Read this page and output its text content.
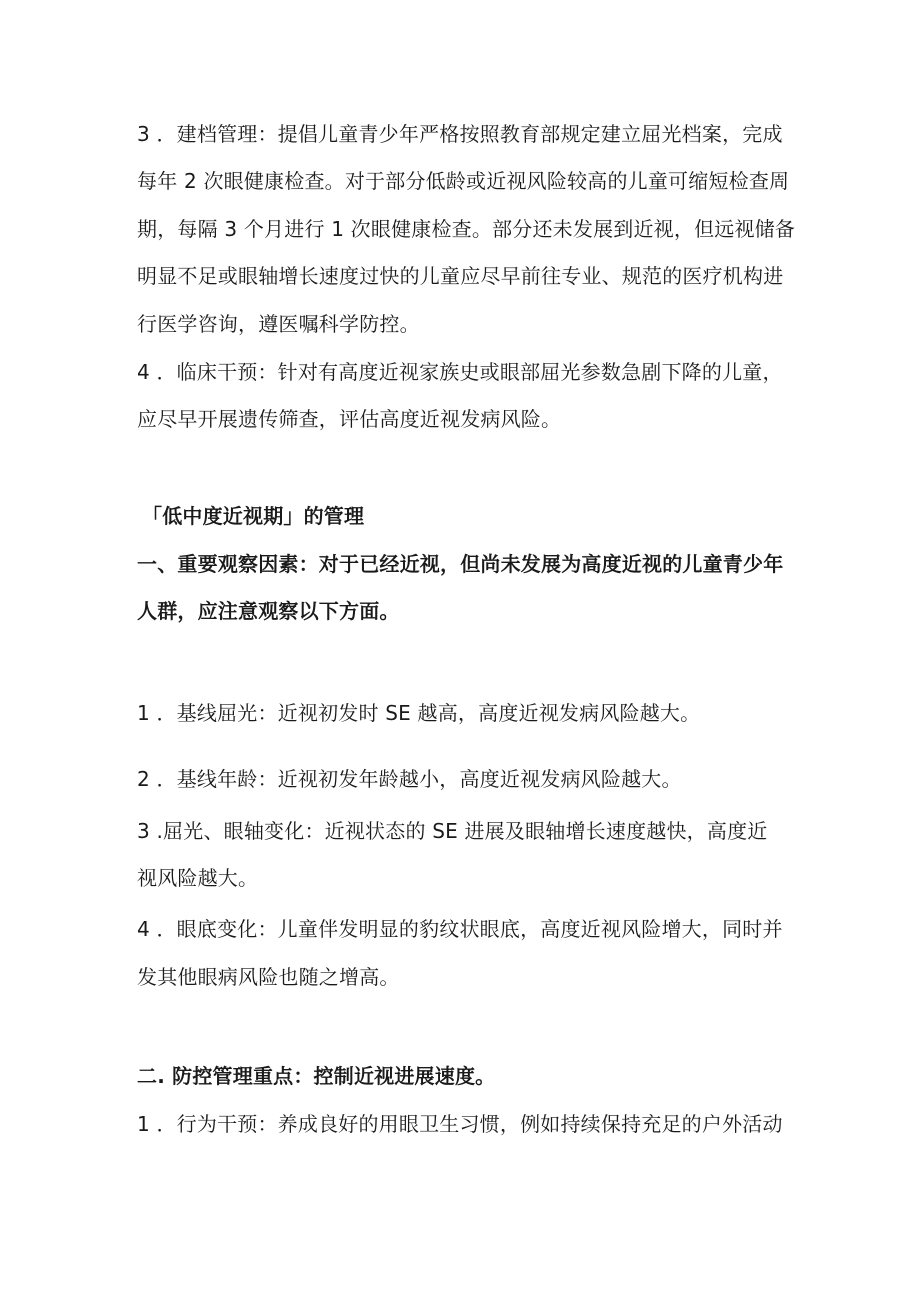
3 ．建档管理：提倡儿童青少年严格按照教育部规定建立屈光档案，完成
每年 2 次眼健康检查。对于部分低龄或近视风险较高的儿童可缩短检查周
期，每隔 3 个月进行 1 次眼健康检查。部分还未发展到近视，但远视储备
明显不足或眼轴增长速度过快的儿童应尽早前往专业、规范的医疗机构进
行医学咨询，遵医嘱科学防控。
4 ．临床干预：针对有高度近视家族史或眼部屈光参数急剧下降的儿童，
应尽早开展遗传筛查，评估高度近视发病风险。
「低中度近视期」的管理
一、重要观察因素：对于已经近视，但尚未发展为高度近视的儿童青少年
人群，应注意观察以下方面。
1 ．基线屈光：近视初发时 SE 越高，高度近视发病风险越大。
2 ．基线年龄：近视初发年龄越小，高度近视发病风险越大。
3 .屈光、眼轴变化：近视状态的 SE 进展及眼轴增长速度越快，高度近
视风险越大。
4 ．眼底变化：儿童伴发明显的豹纹状眼底，高度近视风险增大，同时并
发其他眼病风险也随之增高。
二. 防控管理重点：控制近视进展速度。
1 ．行为干预：养成良好的用眼卫生习惯，例如持续保持充足的户外活动
